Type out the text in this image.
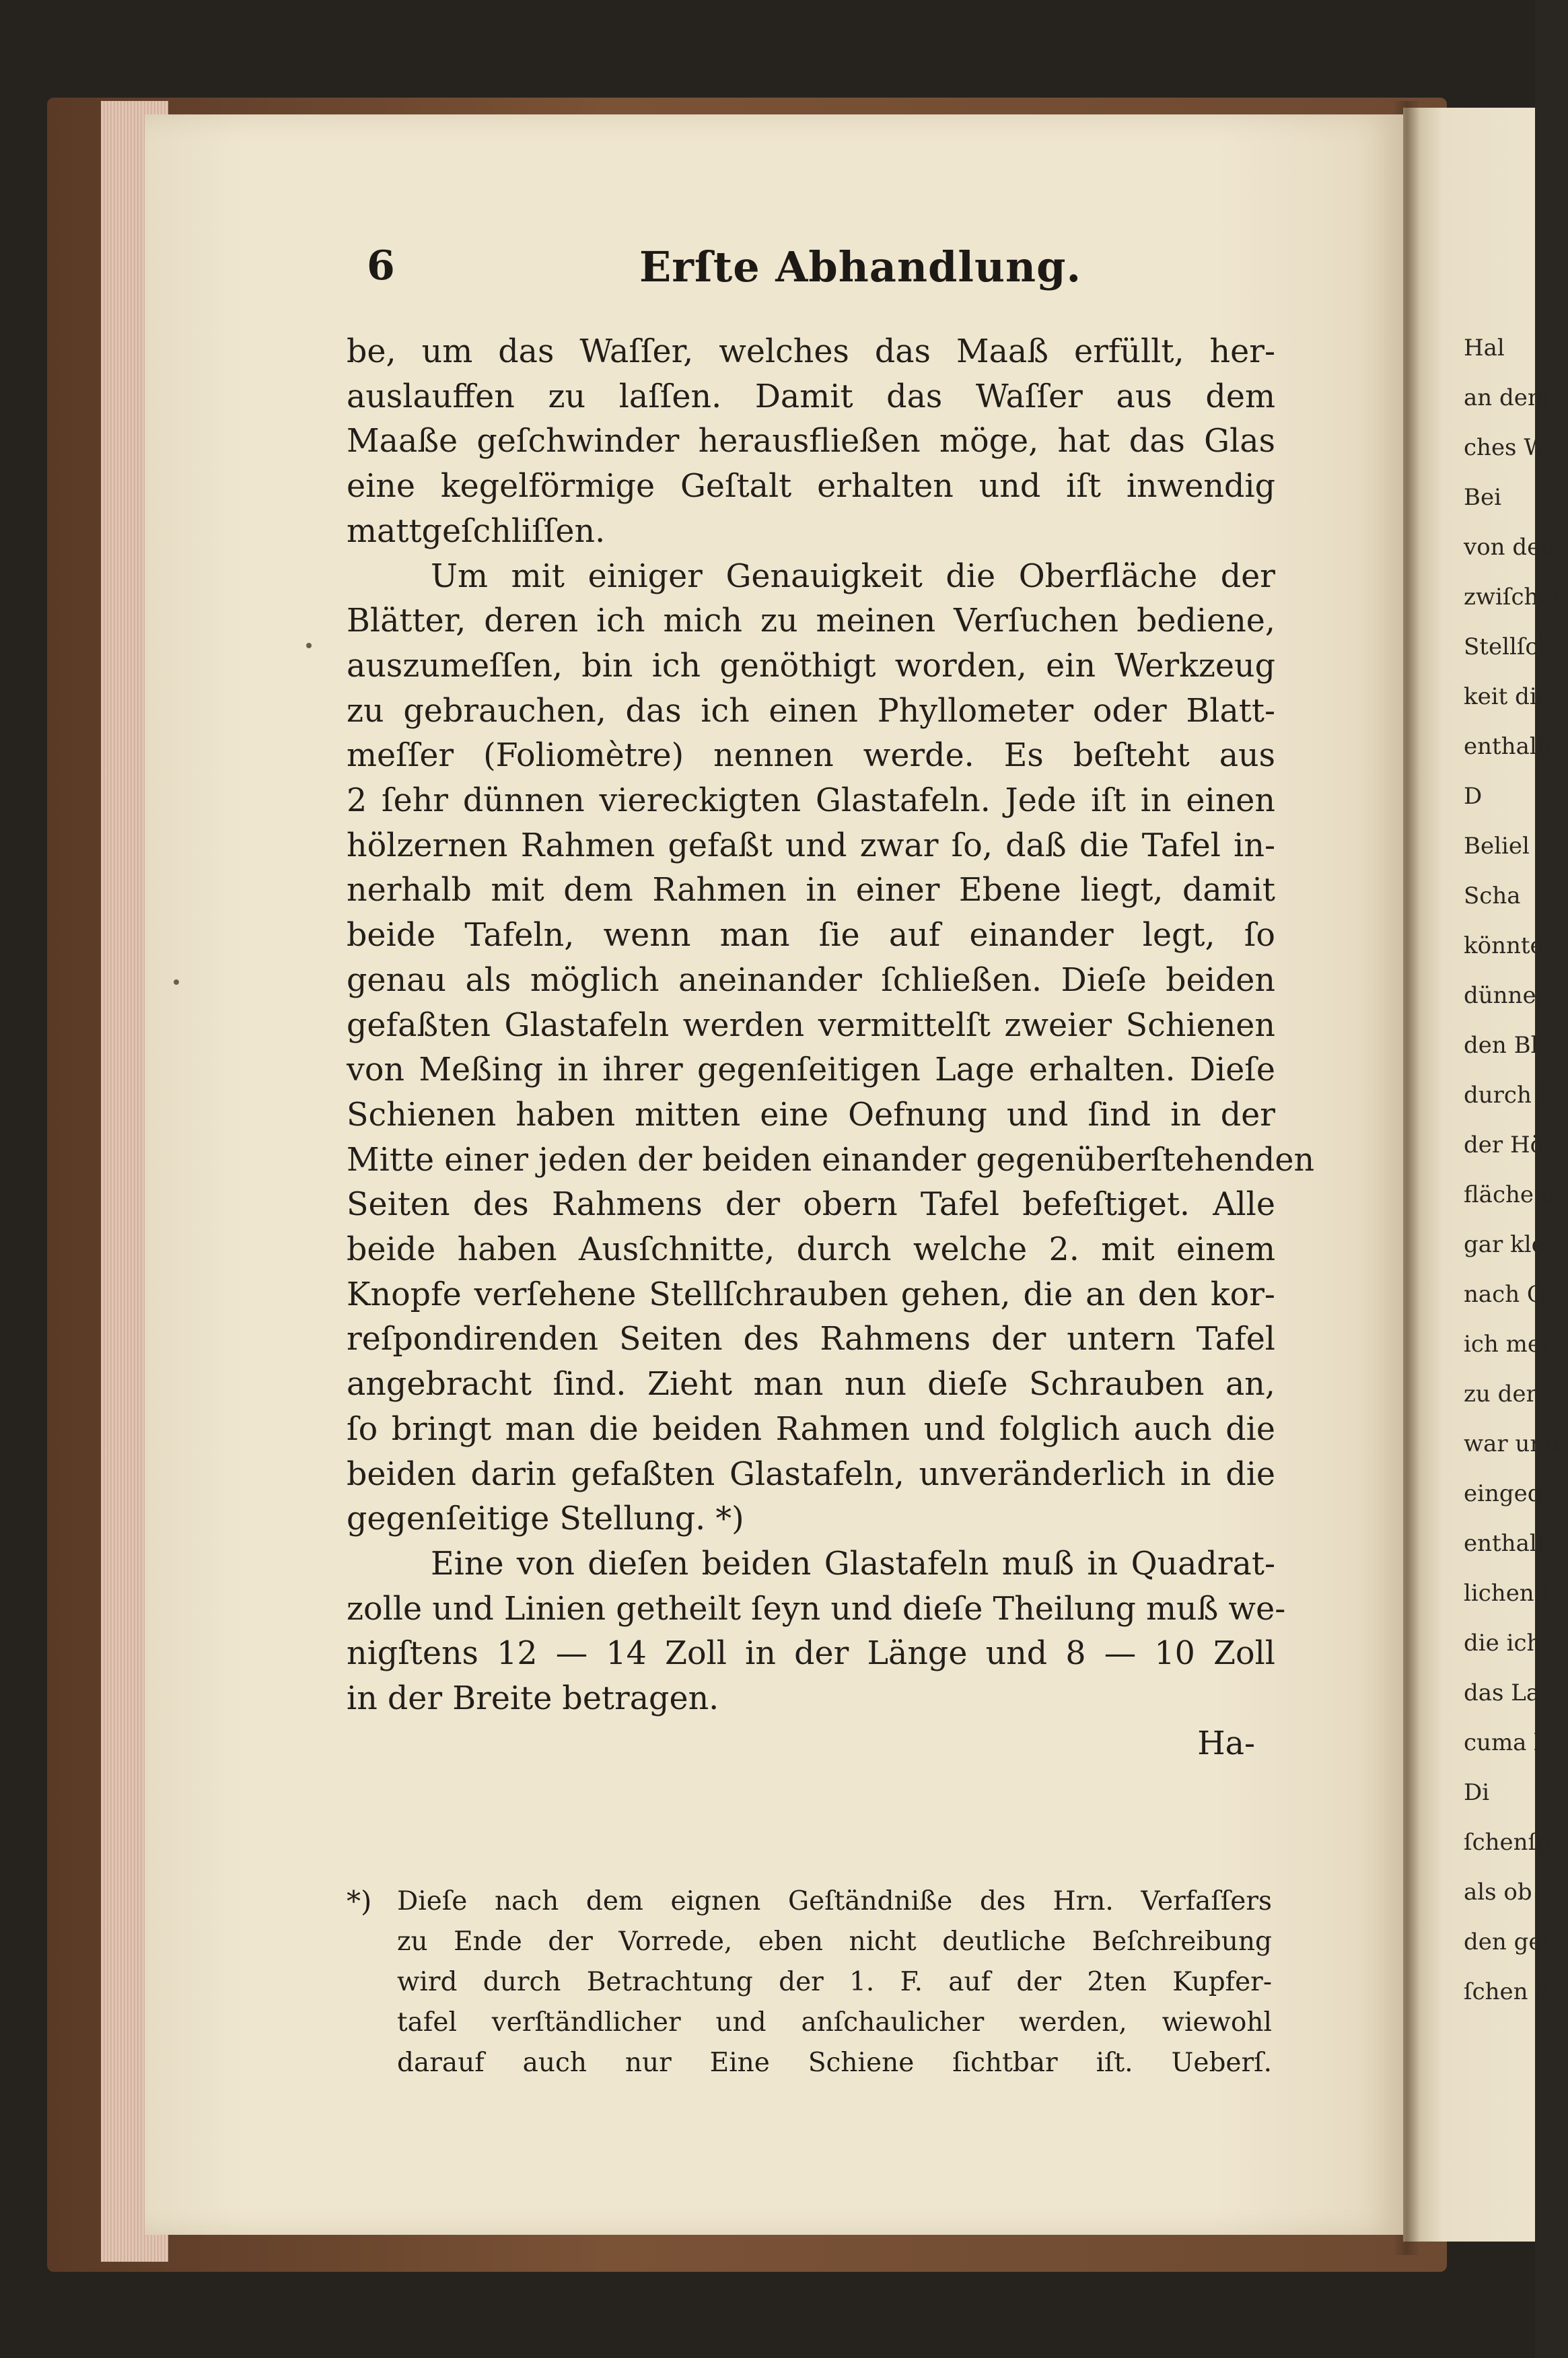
6	Erſte Abhandlung.
be, um das Waſſer, welches das Maaß erfüllt, her-
auslauffen zu laſſen. Damit das Waſſer aus dem
Maaße geſchwinder herausfließen möge, hat das Glas
eine kegelförmige Geſtalt erhalten und iſt inwendig
mattgeſchliſſen.
Um mit einiger Genauigkeit die Oberfläche der
Blätter, deren ich mich zu meinen Verſuchen bediene,
auszumeſſen, bin ich genöthigt worden, ein Werkzeug
zu gebrauchen, das ich einen Phyllometer oder Blatt-
meſſer (Foliomètre) nennen werde. Es beſteht aus
2 ſehr dünnen viereckigten Glastafeln. Jede iſt in einen
hölzernen Rahmen gefaßt und zwar ſo, daß die Tafel in-
nerhalb mit dem Rahmen in einer Ebene liegt, damit
beide Tafeln, wenn man ſie auf einander legt, ſo
genau als möglich aneinander ſchließen. Dieſe beiden
gefaßten Glastafeln werden vermittelſt zweier Schienen
von Meßing in ihrer gegenſeitigen Lage erhalten. Dieſe
Schienen haben mitten eine Oefnung und ſind in der
Mitte einer jeden der beiden einander gegenüberſtehenden
Seiten des Rahmens der obern Tafel befeſtiget. Alle
beide haben Ausſchnitte, durch welche 2. mit einem
Knopfe verſehene Stellſchrauben gehen, die an den kor-
reſpondirenden Seiten des Rahmens der untern Tafel
angebracht ſind. Zieht man nun dieſe Schrauben an,
ſo bringt man die beiden Rahmen und folglich auch die
beiden darin gefaßten Glastafeln, unveränderlich in die
gegenſeitige Stellung. *)
Eine von dieſen beiden Glastafeln muß in Quadrat-
zolle und Linien getheilt ſeyn und dieſe Theilung muß we-
nigſtens 12 — 14 Zoll in der Länge und 8 — 10 Zoll
in der Breite betragen.
Ha-
*) Dieſe nach dem eignen Geſtändniße des Hrn. Verfaſſers
zu Ende der Vorrede, eben nicht deutliche Beſchreibung
wird durch Betrachtung der 1. F. auf der 2ten Kupfer-
tafel verſtändlicher und anſchaulicher werden, wiewohl
darauf auch nur Eine Schiene ſichtbar iſt. Ueberſ.
Hal
an dem
ches W
Bei
von den
zwiſchen
Stellſch
keit die
enthalte
D
Beliel
Scha
könnte
dünnen
den Bl
durch h
der Höl
fläche e
gar klei
nach Ge
ich mei
zu der
war und
eingedru
enthalte
lichen F
die ich
das La
cuma lo
Di
ſchenſp
als ob
den geſ
ſchen de
